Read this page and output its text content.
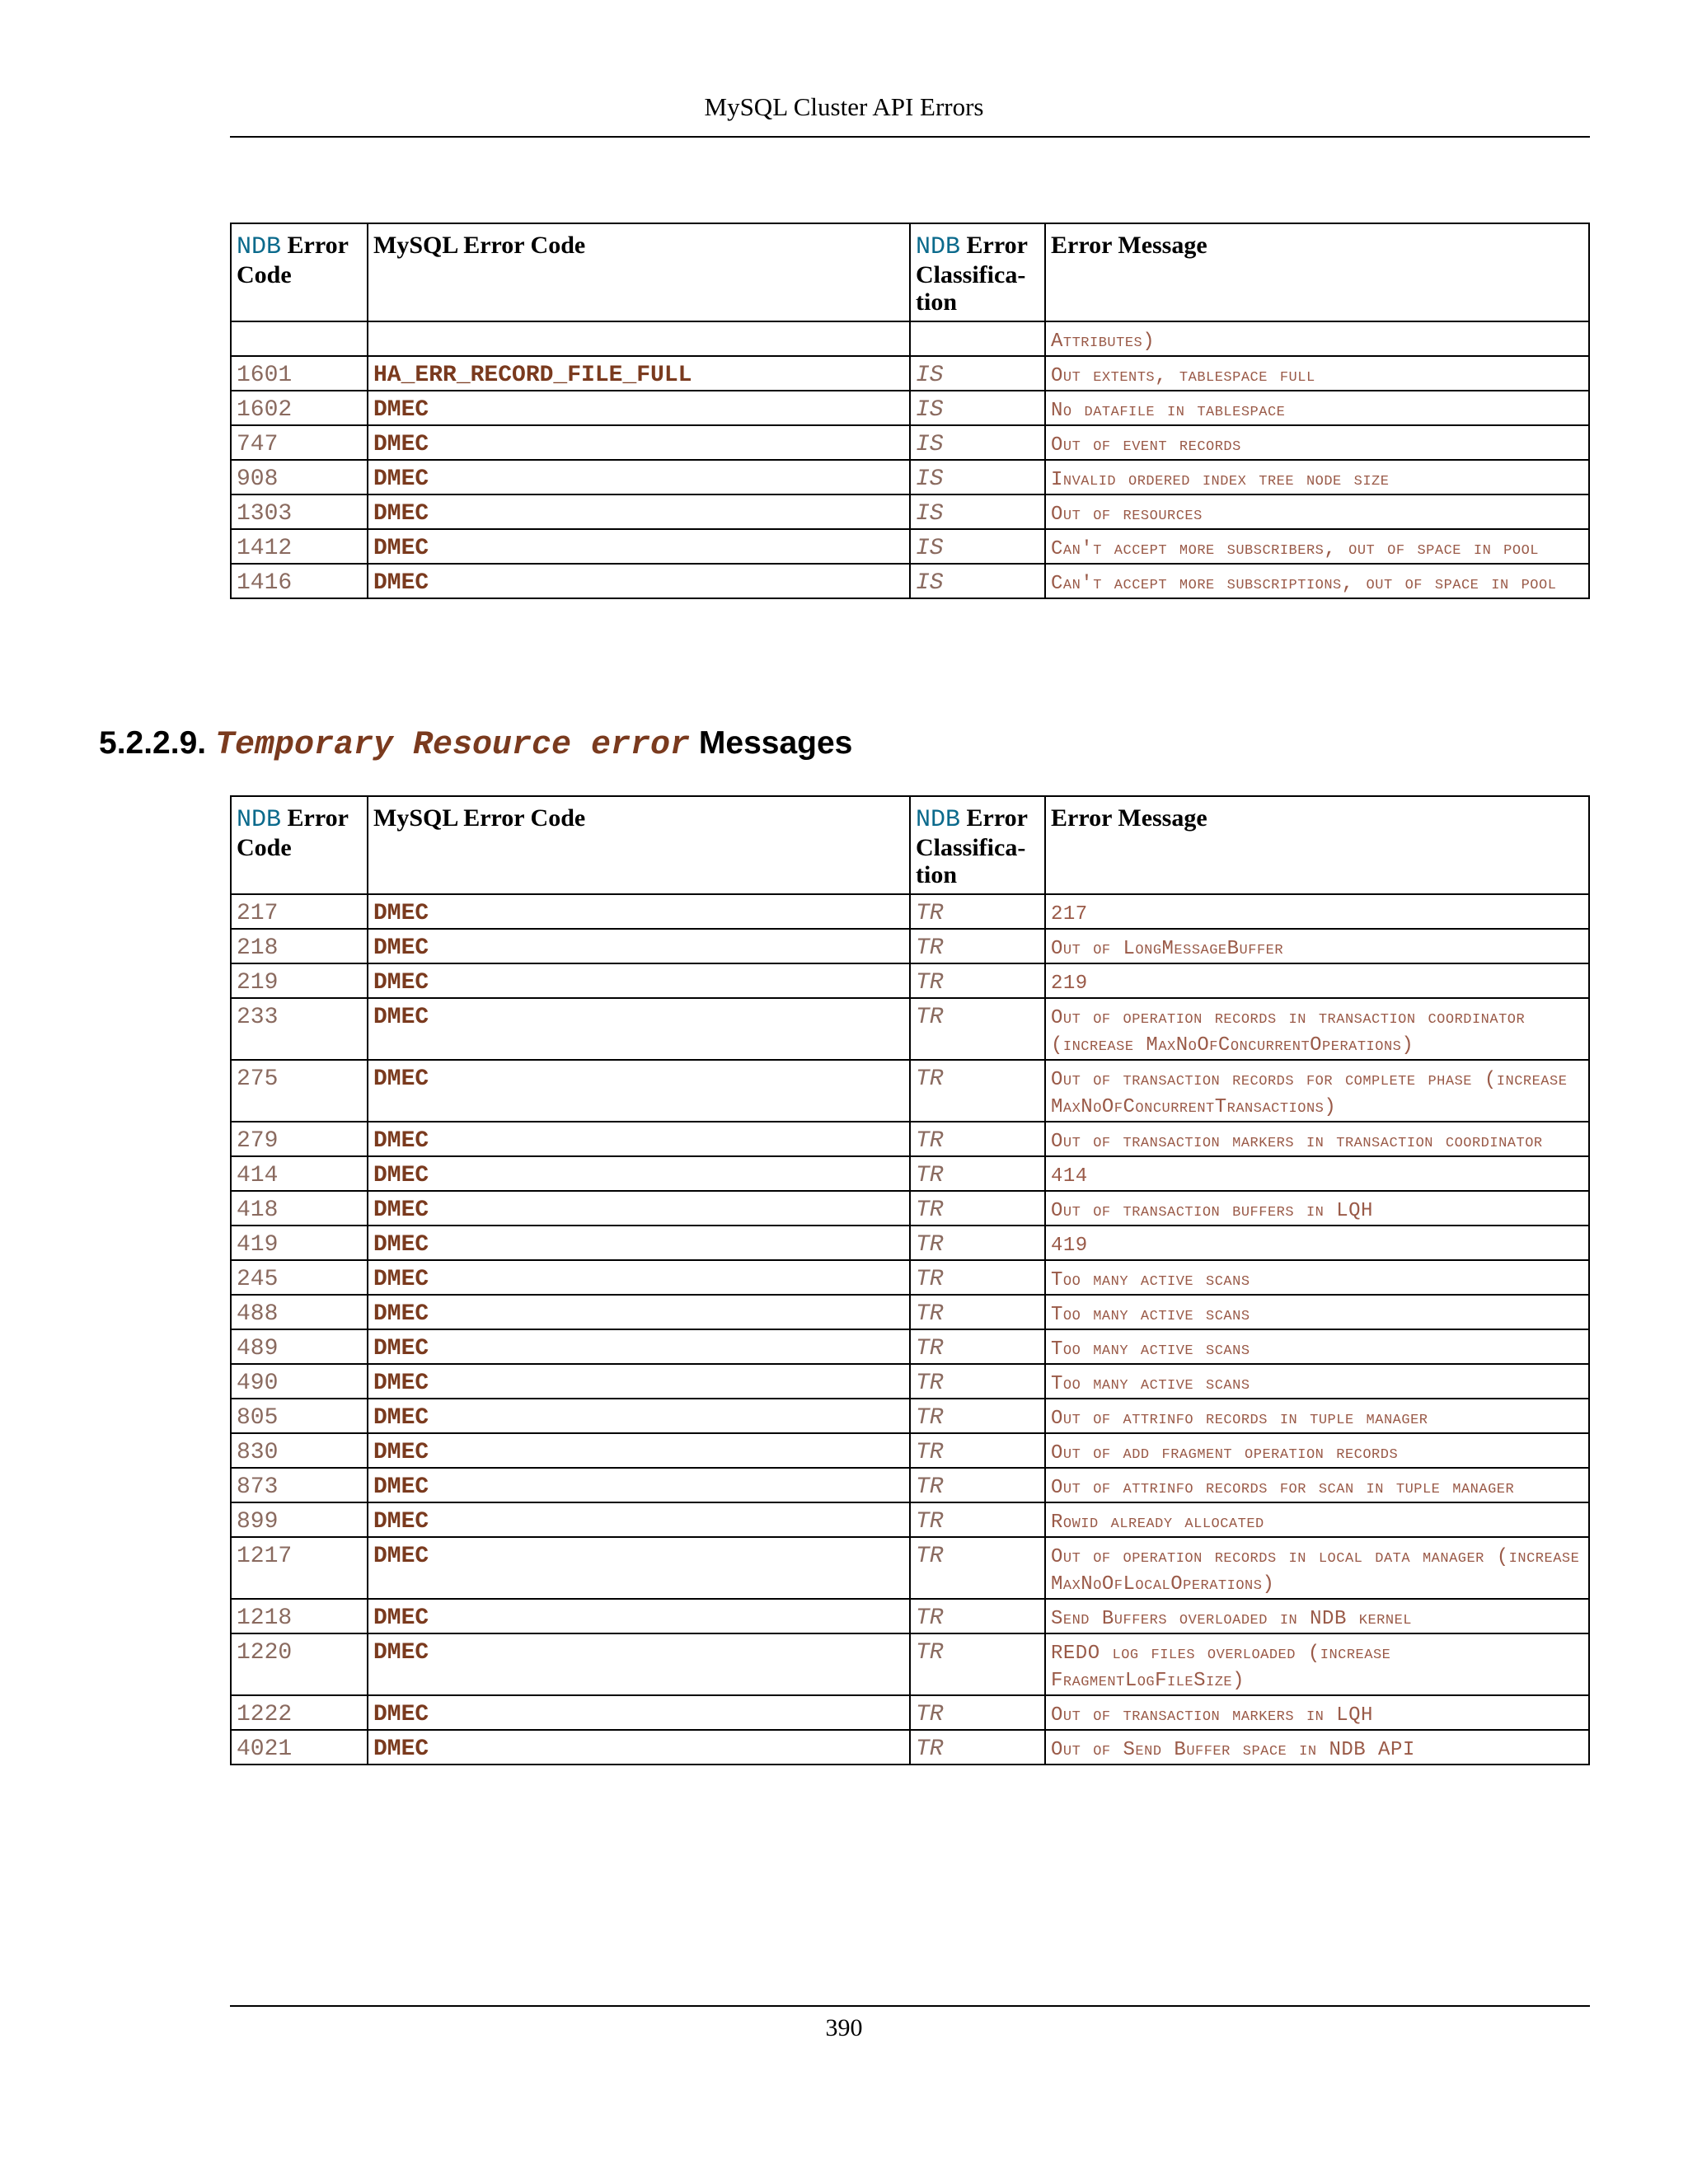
MySQL Cluster API Errors
NDB Error Code	MySQL Error Code	NDB Error Classifica-tion	Error Message
			Attributes)
1601	HA_ERR_RECORD_FILE_FULL	IS	Out extents, tablespace full
1602	DMEC	IS	No datafile in tablespace
747	DMEC	IS	Out of event records
908	DMEC	IS	Invalid ordered index tree node size
1303	DMEC	IS	Out of resources
1412	DMEC	IS	Can't accept more subscribers, out of space in pool
1416	DMEC	IS	Can't accept more subscriptions, out of space in pool
5.2.2.9. Temporary Resource error Messages
NDB Error Code	MySQL Error Code	NDB Error Classifica-tion	Error Message
217	DMEC	TR	217
218	DMEC	TR	Out of LongMessageBuffer
219	DMEC	TR	219
233	DMEC	TR	Out of operation records in transaction coordinator (increase MaxNoOfConcurrentOperations)
275	DMEC	TR	Out of transaction records for complete phase (increase MaxNoOfConcurrentTransactions)
279	DMEC	TR	Out of transaction markers in transaction coordinator
414	DMEC	TR	414
418	DMEC	TR	Out of transaction buffers in LQH
419	DMEC	TR	419
245	DMEC	TR	Too many active scans
488	DMEC	TR	Too many active scans
489	DMEC	TR	Too many active scans
490	DMEC	TR	Too many active scans
805	DMEC	TR	Out of attrinfo records in tuple manager
830	DMEC	TR	Out of add fragment operation records
873	DMEC	TR	Out of attrinfo records for scan in tuple manager
899	DMEC	TR	Rowid already allocated
1217	DMEC	TR	Out of operation records in local data manager (increase MaxNoOfLocalOperations)
1218	DMEC	TR	Send Buffers overloaded in NDB kernel
1220	DMEC	TR	REDO log files overloaded (increase FragmentLogFileSize)
1222	DMEC	TR	Out of transaction markers in LQH
4021	DMEC	TR	Out of Send Buffer space in NDB API
390
